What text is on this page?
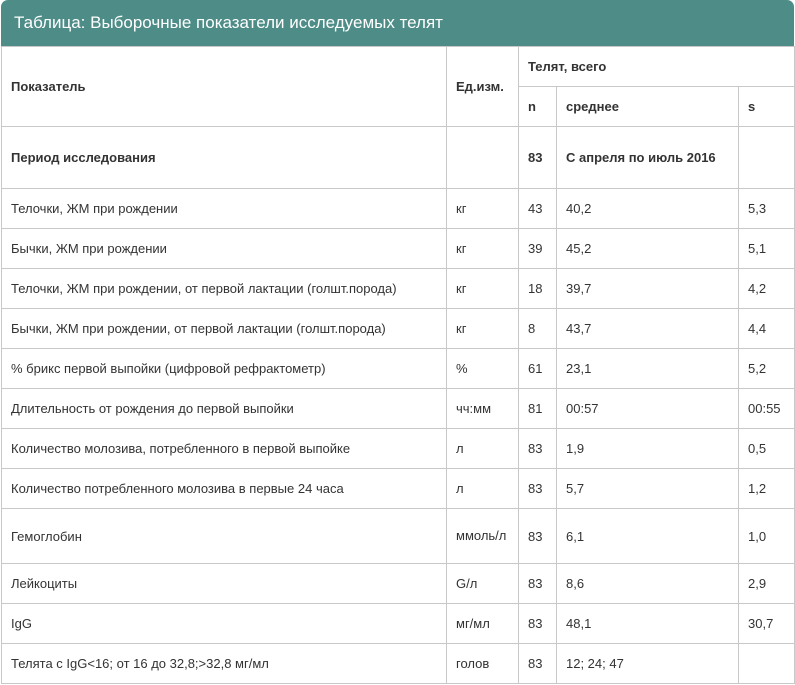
Таблица: Выборочные показатели исследуемых телят
Показатель	Ед.изм.	Телят, всего		
		n	среднее	s
Период исследования		83	С апреля по июль 2016	
Телочки, ЖМ при рождении	кг	43	40,2	5,3
Бычки, ЖМ при рождении	кг	39	45,2	5,1
Телочки, ЖМ при рождении, от первой лактации (голшт.порода)	кг	18	39,7	4,2
Бычки, ЖМ при рождении, от первой лактации (голшт.порода)	кг	8	43,7	4,4
% брикс первой выпойки (цифровой рефрактометр)	%	61	23,1	5,2
Длительность от рождения до первой выпойки	чч:мм	81	00:57	00:55
Количество молозива, потребленного в первой выпойке	л	83	1,9	0,5
Количество потребленного молозива в первые 24 часа	л	83	5,7	1,2
Гемоглобин	ммоль/л	83	6,1	1,0
Лейкоциты	G/л	83	8,6	2,9
IgG	мг/мл	83	48,1	30,7
Телята с IgG<16; от 16 до 32,8;>32,8 мг/мл	голов	83	12; 24; 47	
